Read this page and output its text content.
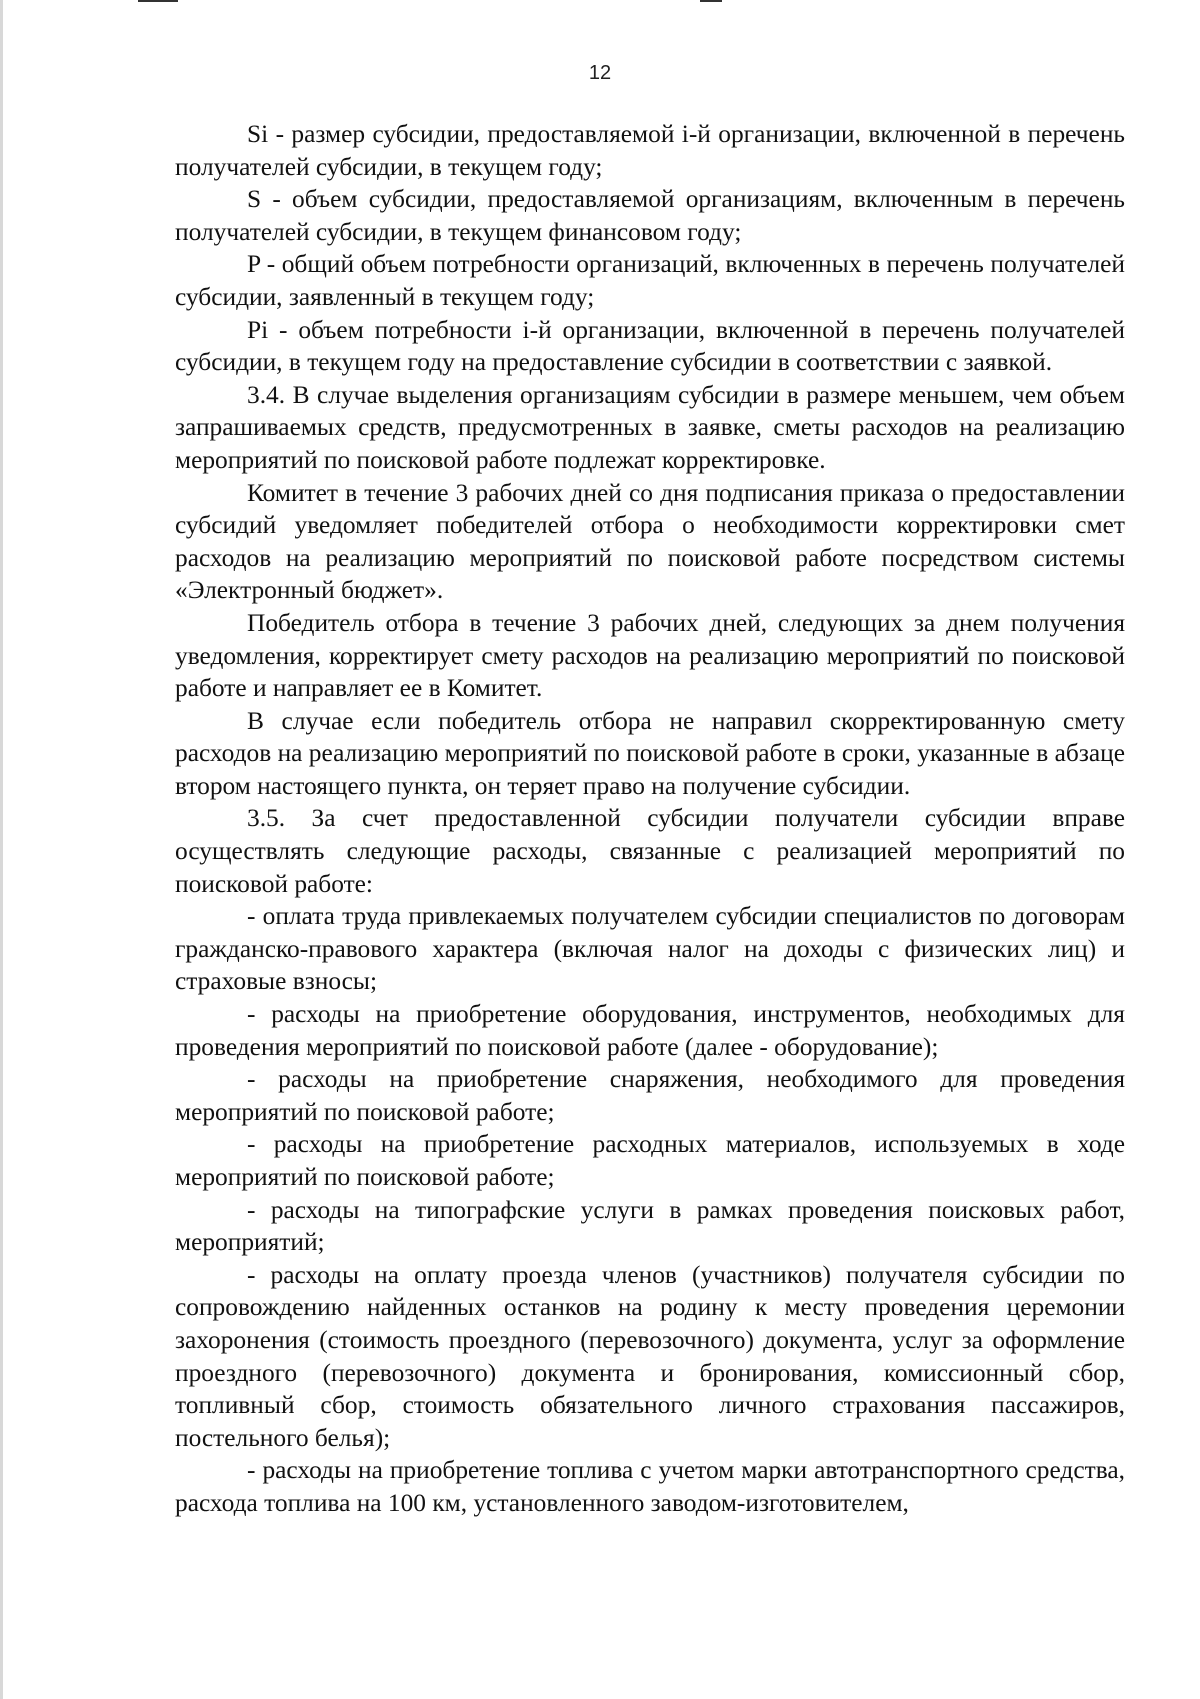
12

Si - размер субсидии, предоставляемой i-й организации, включенной в перечень получателей субсидии, в текущем году;

S - объем субсидии, предоставляемой организациям, включенным в перечень получателей субсидии, в текущем финансовом году;

P - общий объем потребности организаций, включенных в перечень получателей субсидии, заявленный в текущем году;

Pi - объем потребности i-й организации, включенной в перечень получателей субсидии, в текущем году на предоставление субсидии в соответствии с заявкой.

3.4. В случае выделения организациям субсидии в размере меньшем, чем объем запрашиваемых средств, предусмотренных в заявке, сметы расходов на реализацию мероприятий по поисковой работе подлежат корректировке.

Комитет в течение 3 рабочих дней со дня подписания приказа о предоставлении субсидий уведомляет победителей отбора о необходимости корректировки смет расходов на реализацию мероприятий по поисковой работе посредством системы «Электронный бюджет».

Победитель отбора в течение 3 рабочих дней, следующих за днем получения уведомления, корректирует смету расходов на реализацию мероприятий по поисковой работе и направляет ее в Комитет.

В случае если победитель отбора не направил скорректированную смету расходов на реализацию мероприятий по поисковой работе в сроки, указанные в абзаце втором настоящего пункта, он теряет право на получение субсидии.

3.5. За счет предоставленной субсидии получатели субсидии вправе осуществлять следующие расходы, связанные с реализацией мероприятий по поисковой работе:

- оплата труда привлекаемых получателем субсидии специалистов по договорам гражданско-правового характера (включая налог на доходы с физических лиц) и страховые взносы;

- расходы на приобретение оборудования, инструментов, необходимых для проведения мероприятий по поисковой работе (далее - оборудование);

- расходы на приобретение снаряжения, необходимого для проведения мероприятий по поисковой работе;

- расходы на приобретение расходных материалов, используемых в ходе мероприятий по поисковой работе;

- расходы на типографские услуги в рамках проведения поисковых работ, мероприятий;

- расходы на оплату проезда членов (участников) получателя субсидии по сопровождению найденных останков на родину к месту проведения церемонии захоронения (стоимость проездного (перевозочного) документа, услуг за оформление проездного (перевозочного) документа и бронирования, комиссионный сбор, топливный сбор, стоимость обязательного личного страхования пассажиров, постельного белья);

- расходы на приобретение топлива с учетом марки автотранспортного средства, расхода топлива на 100 км, установленного заводом-изготовителем,
